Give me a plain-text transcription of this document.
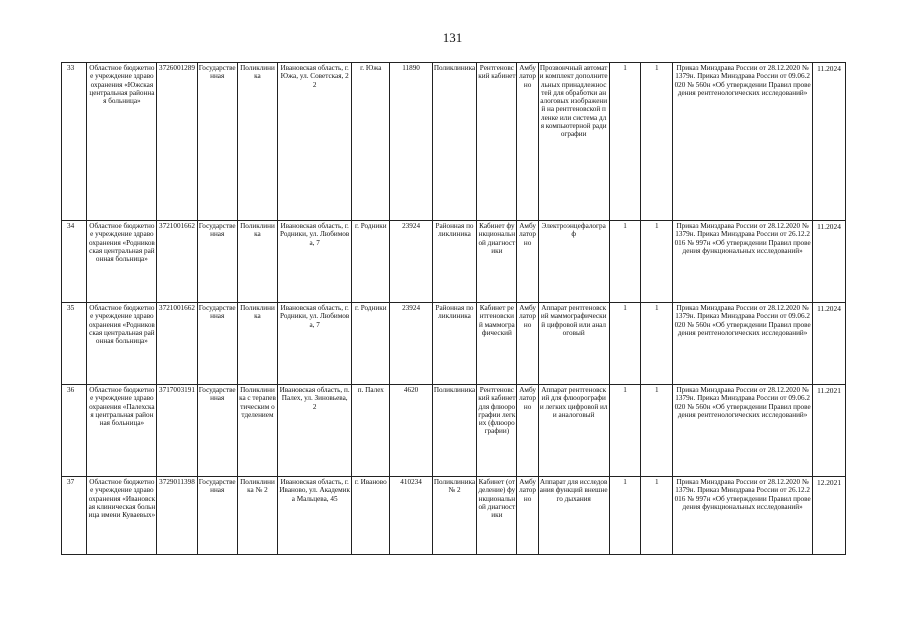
131
33	Областное бюджетное учреждение здравоохранения «Южская центральная районная больница»	3726001289	Государственная	Поликлиника	Ивановская область, г. Южа, ул. Советская, 22	г. Южа	11890	Поликлиника	Рентгеновский кабинет	Амбулаторно	Прозвончный автомат и комплект дополнительных принадлежностей для обработки аналоговых изображений на рентгеновской пленке или система для компьютерной радиографии	1	1	Приказ Минздрава России от 28.12.2020 № 1379н. Приказ Минздрава России от 09.06.2020 № 560н «Об утверждении Правил проведения рентгенологических исследований»	11.2024
34	Областное бюджетное учреждение здравоохранения «Родниковская центральная районная больница»	3721001662	Государственная	Поликлиника	Ивановская область, г. Родники, ул. Любимова, 7	г. Родники	23924	Районная поликлиника	Кабинет функциональной диагностики	Амбулаторно	Электроэнцефалограф	1	1	Приказ Минздрава России от 28.12.2020 № 1379н. Приказ Минздрава России от 26.12.2016 № 997н «Об утверждении Правил проведения функциональных исследований»	11.2024
35	Областное бюджетное учреждение здравоохранения «Родниковская центральная районная больница»	3721001662	Государственная	Поликлиника	Ивановская область, г. Родники, ул. Любимова, 7	г. Родники	23924	Районная поликлиника	Кабинет рентгеновский маммографический	Амбулаторно	Аппарат рентгеновский маммографический цифровой или аналоговый	1	1	Приказ Минздрава России от 28.12.2020 № 1379н. Приказ Минздрава России от 09.06.2020 № 560н «Об утверждении Правил проведения рентгенологических исследований»	11.2024
36	Областное бюджетное учреждение здравоохранения «Палехская центральная районная больница»	3717003191	Государственная	Поликлиника с терапевтическим отделением	Ивановская область, п. Палех, ул. Зиновьева, 2	п. Палех	4620	Поликлиника	Рентгеновский кабинет для флюорографии легких (флюорографии)	Амбулаторно	Аппарат рентгеновский для флюорографии легких цифровой или аналоговый	1	1	Приказ Минздрава России от 28.12.2020 № 1379н. Приказ Минздрава России от 09.06.2020 № 560н «Об утверждении Правил проведения рентгенологических исследований»	11.2021
37	Областное бюджетное учреждение здравоохранения «Ивановская клиническая больница имени Куваевых»	3729011398	Государственная	Поликлиника № 2	Ивановская область, г. Иваново, ул. Академика Мальцева, 45	г. Иваново	410234	Поликлиника № 2	Кабинет (отделение) функциональной диагностики	Амбулаторно	Аппарат для исследования функций внешнего дыхания	1	1	Приказ Минздрава России от 28.12.2020 № 1379н. Приказ Минздрава России от 26.12.2016 № 997н «Об утверждении Правил проведения функциональных исследований»	12.2021
